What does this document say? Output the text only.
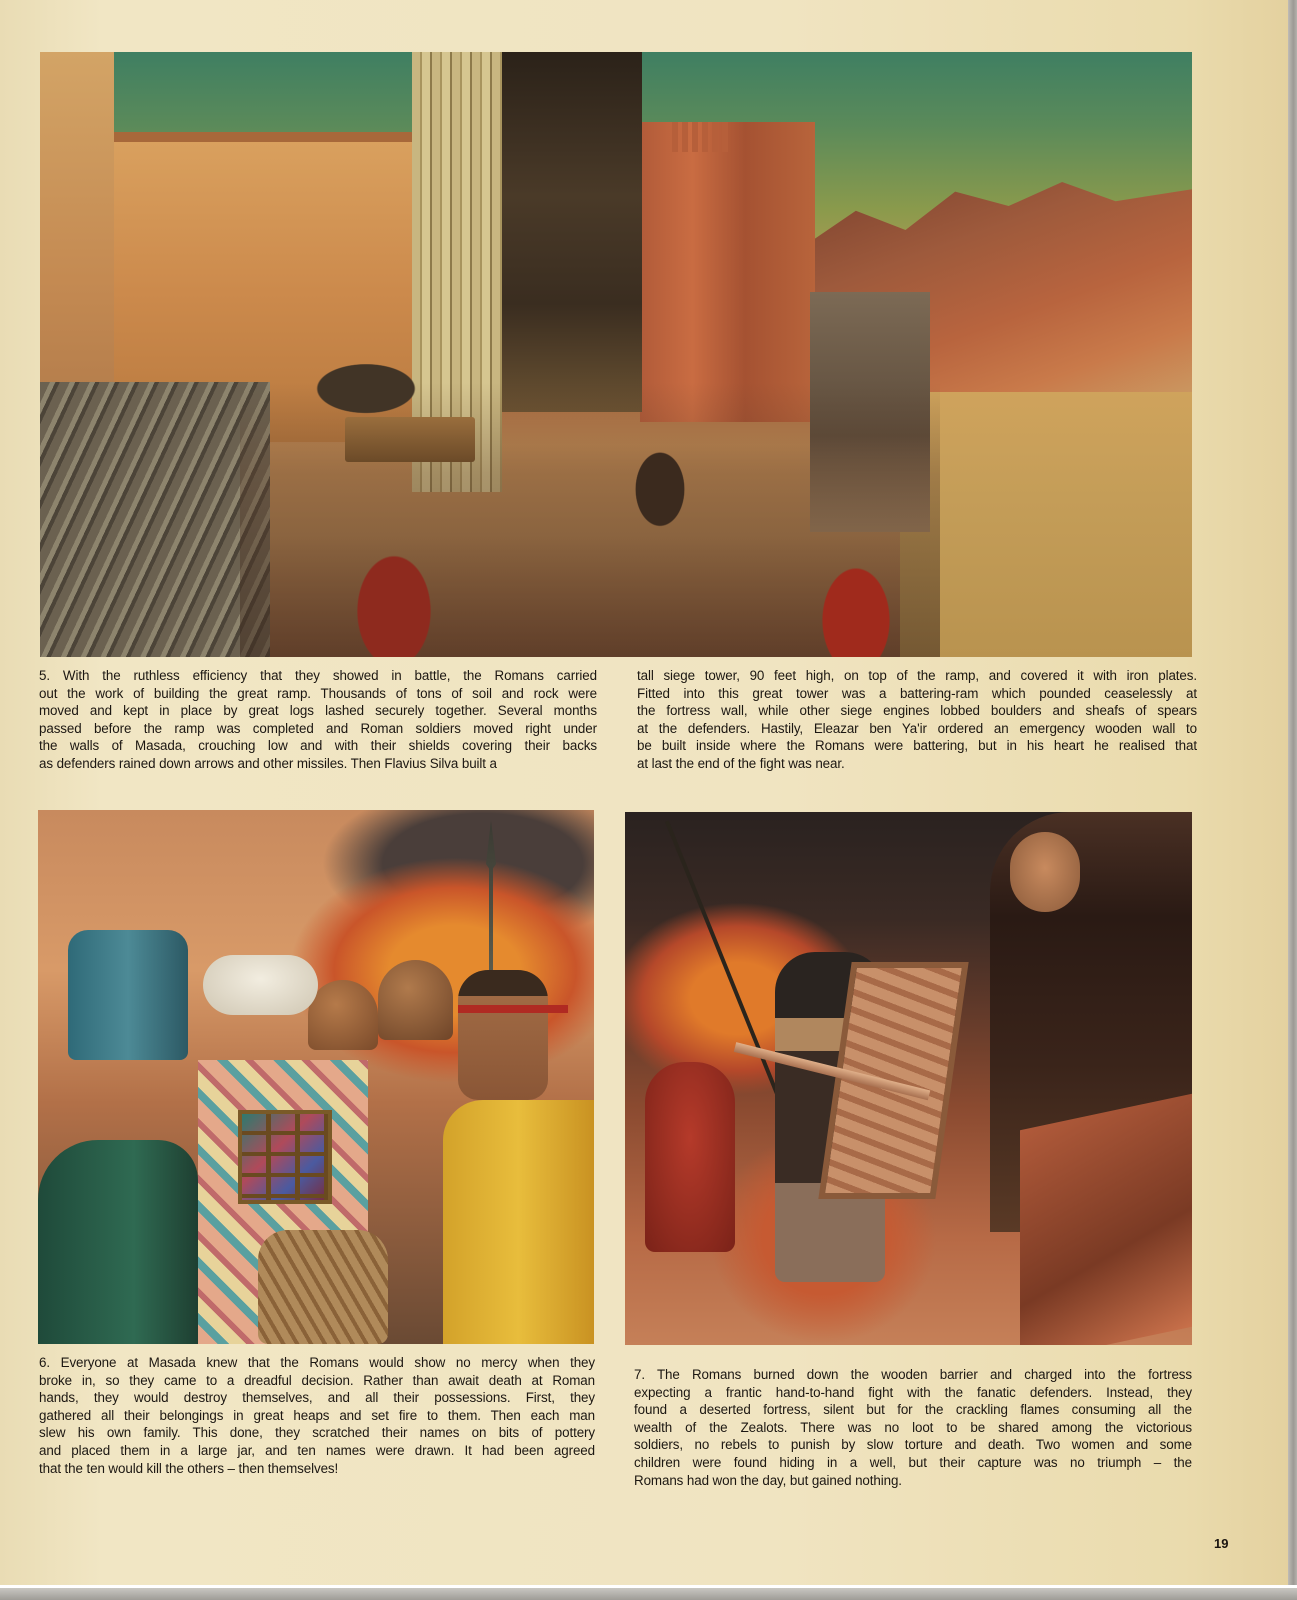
5. With the ruthless efficiency that they showed in battle, the Romans carried
out the work of building the great ramp. Thousands of tons of soil and rock were
moved and kept in place by great logs lashed securely together. Several months
passed before the ramp was completed and Roman soldiers moved right under
the walls of Masada, crouching low and with their shields covering their backs
as defenders rained down arrows and other missiles. Then Flavius Silva built a

tall siege tower, 90 feet high, on top of the ramp, and covered it with iron plates.
Fitted into this great tower was a battering-ram which pounded ceaselessly at
the fortress wall, while other siege engines lobbed boulders and sheafs of spears
at the defenders. Hastily, Eleazar ben Ya'ir ordered an emergency wooden wall to
be built inside where the Romans were battering, but in his heart he realised that
at last the end of the fight was near.

6. Everyone at Masada knew that the Romans would show no mercy when they
broke in, so they came to a dreadful decision. Rather than await death at Roman
hands, they would destroy themselves, and all their possessions. First, they
gathered all their belongings in great heaps and set fire to them. Then each man
slew his own family. This done, they scratched their names on bits of pottery
and placed them in a large jar, and ten names were drawn. It had been agreed
that the ten would kill the others – then themselves!

7. The Romans burned down the wooden barrier and charged into the fortress
expecting a frantic hand-to-hand fight with the fanatic defenders. Instead, they
found a deserted fortress, silent but for the crackling flames consuming all the
wealth of the Zealots. There was no loot to be shared among the victorious
soldiers, no rebels to punish by slow torture and death. Two women and some
children were found hiding in a well, but their capture was no triumph – the
Romans had won the day, but gained nothing.

19
